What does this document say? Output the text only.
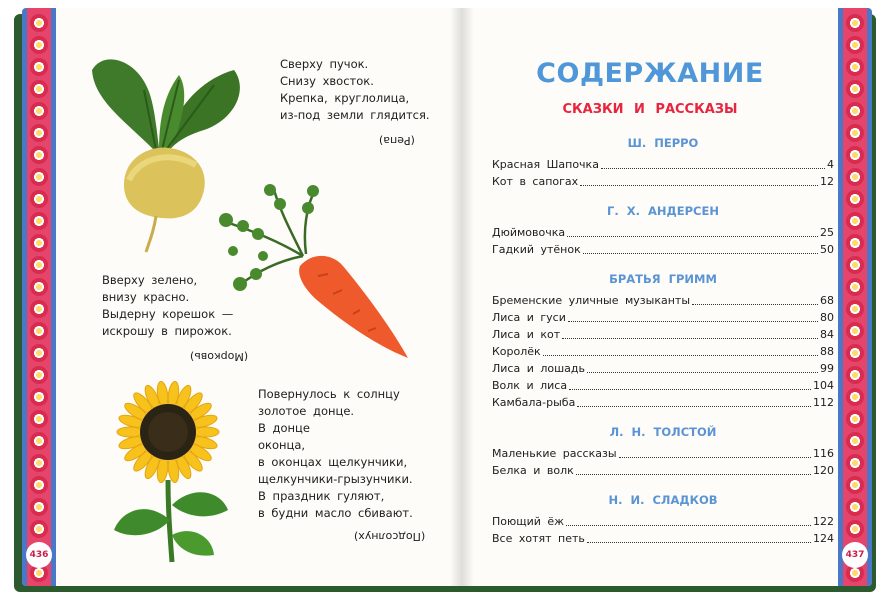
436
Сверху пучок.
Снизу хвосток.
Крепка, круглолица,
из-под земли глядится.
(Репа)
Вверху зелено,
внизу красно.
Выдерну корешок —
искрошу в пирожок.
(Морковь)
Повернулось к солнцу
золотое донце.
В донце
оконца,
в оконцах щелкунчики,
щелкунчики-грызунчики.
В праздник гуляют,
в будни масло сбивают.
(Подсолнух)
437
СОДЕРЖАНИЕ
СКАЗКИ И РАССКАЗЫ
Ш. ПЕРРО
Красная Шапочка	4
Кот в сапогах	12
Г. Х. АНДЕРСЕН
Дюймовочка	25
Гадкий утёнок	50
БРАТЬЯ ГРИММ
Бременские уличные музыканты	68
Лиса и гуси	80
Лиса и кот	84
Королёк	88
Лиса и лошадь	99
Волк и лиса	104
Камбала-рыба	112
Л. Н. ТОЛСТОЙ
Маленькие рассказы	116
Белка и волк	120
Н. И. СЛАДКОВ
Поющий ёж	122
Все хотят петь	124
